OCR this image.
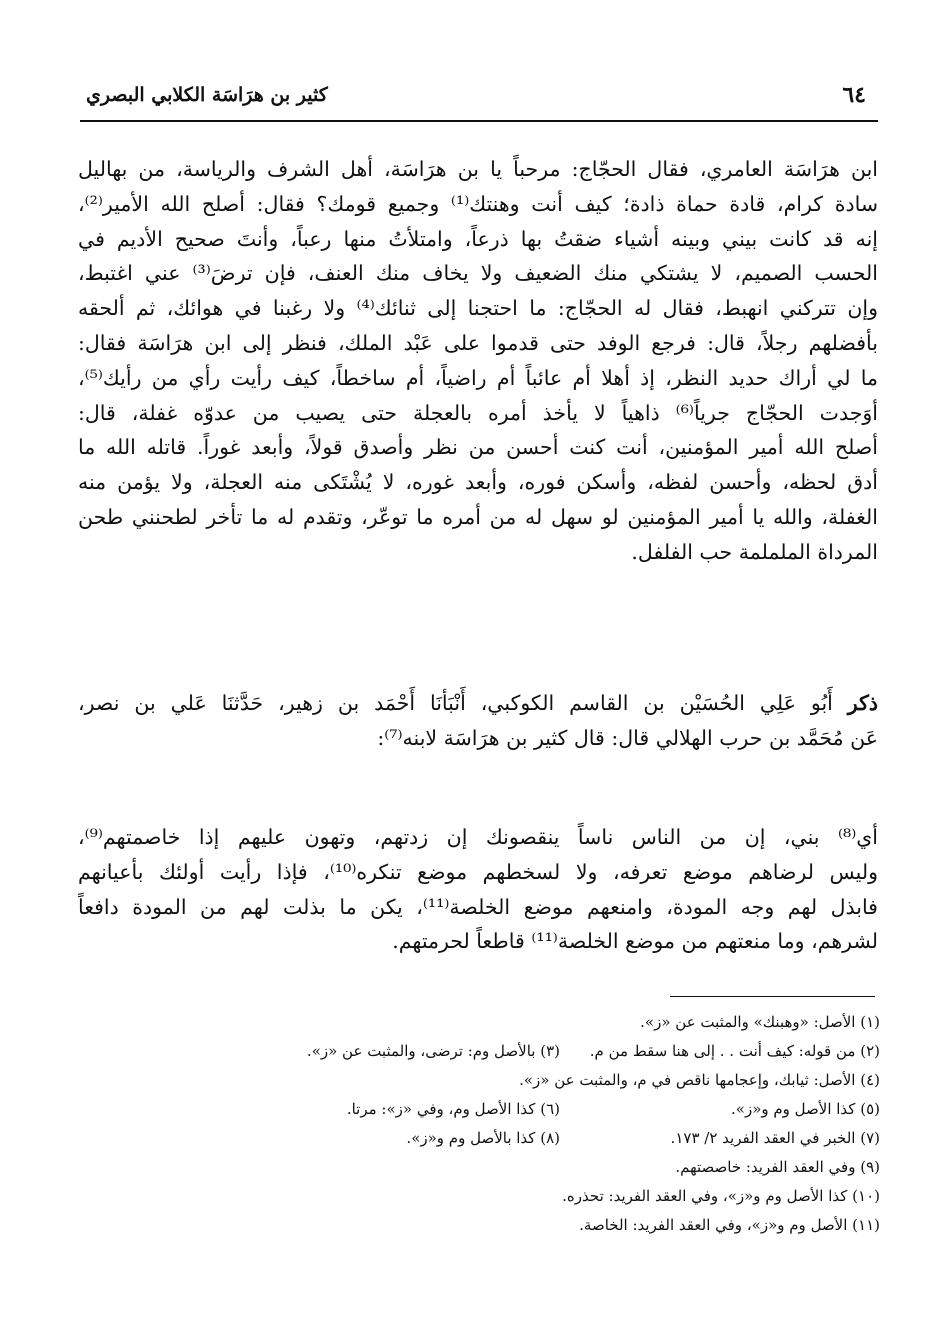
٦٤
كثير بن هرَاسَة الكلابي البصري
ابن هرَاسَة العامري، فقال الحجّاج: مرحباً يا بن هرَاسَة، أهل الشرف والرياسة، من بهاليل
سادة كرام، قادة حماة ذادة؛ كيف أنت وهنتك⁽¹⁾ وجميع قومك؟ فقال: أصلح الله الأمير⁽²⁾،
إنه قد كانت بيني وبينه أشياء ضقتُ بها ذرعاً، وامتلأتُ منها رعباً، وأنتَ صحيح الأديم في
الحسب الصميم، لا يشتكي منك الضعيف ولا يخاف منك العنف، فإن ترضَ⁽³⁾ عني اغتبط،
وإن تتركني انهبط، فقال له الحجّاج: ما احتجنا إلى ثنائك⁽⁴⁾ ولا رغبنا في هوائك، ثم ألحقه
بأفضلهم رجلاً، قال: فرجع الوفد حتى قدموا على عَبْد الملك، فنظر إلى ابن هرَاسَة فقال:
ما لي أراك حديد النظر، إذ أهلا أم عائباً أم راضياً، أم ساخطاً، كيف رأيت رأي من رأيك⁽⁵⁾،
أوَجدت الحجّاج جرياً⁽⁶⁾ ذاهياً لا يأخذ أمره بالعجلة حتى يصيب من عدوّه غفلة، قال:
أصلح الله أمير المؤمنين، أنت كنت أحسن من نظر وأصدق قولاً، وأبعد غوراً. قاتله الله ما
أدق لحظه، وأحسن لفظه، وأسكن فوره، وأبعد غوره، لا يُشْتَكى منه العجلة، ولا يؤمن منه
الغفلة، والله يا أمير المؤمنين لو سهل له من أمره ما توعّر، وتقدم له ما تأخر لطحنني طحن
المرداة الململمة حب الفلفل.
ذكر أَبُو عَلِي الحُسَيْن بن القاسم الكوكبي، أَنْبَأنَا أَحْمَد بن زهير، حَدَّثنَا عَلي بن نصر،
عَن مُحَمَّد بن حرب الهلالي قال: قال كثير بن هرَاسَة لابنه⁽⁷⁾:
أي⁽⁸⁾ بني، إن من الناس ناساً ينقصونك إن زدتهم، وتهون عليهم إذا خاصمتهم⁽⁹⁾،
وليس لرضاهم موضع تعرفه، ولا لسخطهم موضع تنكره⁽¹⁰⁾، فإذا رأيت أولئك بأعيانهم
فابذل لهم وجه المودة، وامنعهم موضع الخلصة⁽¹¹⁾، يكن ما بذلت لهم من المودة دافعاً
لشرهم، وما منعتهم من موضع الخلصة⁽¹¹⁾ قاطعاً لحرمتهم.
(١) الأصل: «وهبنك» والمثبت عن «ز».
(٢) من قوله: كيف أنت . . إلى هنا سقط من م.
(٣) بالأصل وم: ترضى، والمثبت عن «ز».
(٤) الأصل: ثيابك، وإعجامها ناقص في م، والمثبت عن «ز».
(٥) كذا الأصل وم و«ز».
(٦) كذا الأصل وم، وفي «ز»: مرتا.
(٧) الخبر في العقد الفريد ٢/ ١٧٣.
(٨) كذا بالأصل وم و«ز».
(٩) وفي العقد الفريد: خاصصتهم.
(١٠) كذا الأصل وم و«ز»، وفي العقد الفريد: تحذره.
(١١) الأصل وم و«ز»، وفي العقد الفريد: الخاصة.
